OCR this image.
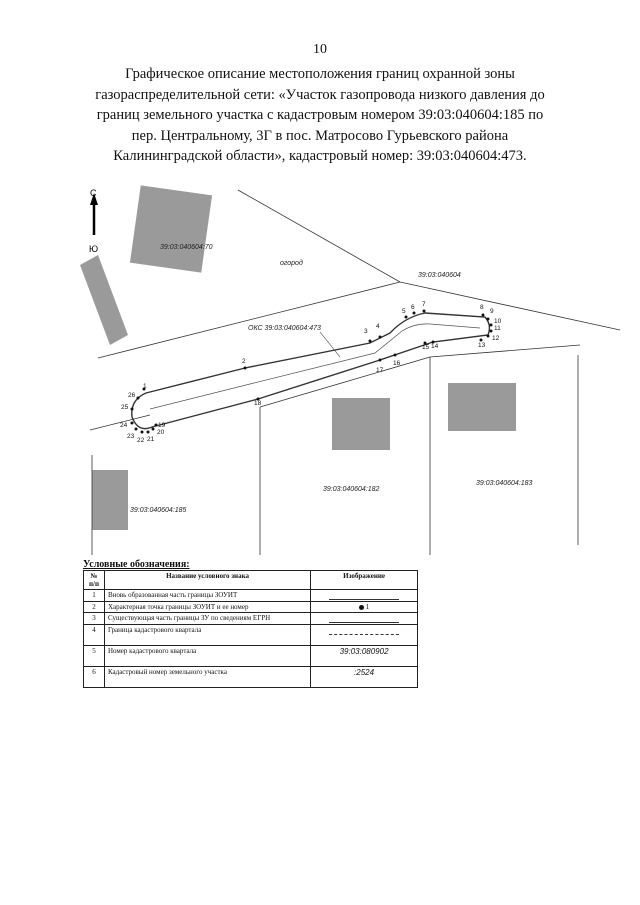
10
Графическое описание местоположения границ охранной зоны
газораспределительной сети: «Участок газопровода низкого давления до
границ земельного участка с кадастровым номером 39:03:040604:185 по
пер. Центральному, 3Г в пос. Матросово Гурьевского района
Калининградской области», кадастровый номер: 39:03:040604:473.
С
Ю	39:03:040604:70
огород
39:03:040604
ОКС 39:03:040604:473
39:03:040604:182
39:03:040604:183
39:03:040604:185
1
2
3
4
5
6 7	8
9
10
11
12
13
14
15
16
17
18
19
20
21
22
23
24
25
26
Условные обозначения:
№ п/п	Название условного знака	Изображение
1	Вновь образованная часть границы ЗОУИТ	

2	Характерная точка границы ЗОУИТ и ее номер	1
3	Существующая часть границы ЗУ по сведениям ЕГРН	

4	Граница кадастрового квартала	

5	Номер кадастрового квартала	39:03:080902
6	Кадастровый номер земельного участка	:2524
